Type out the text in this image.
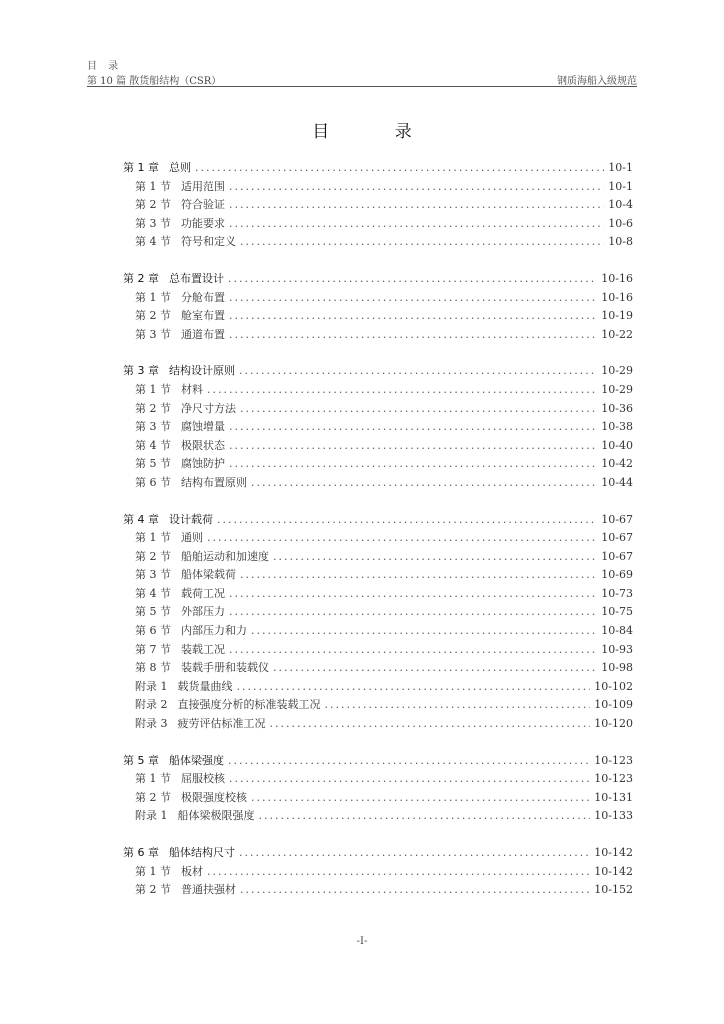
目 录
第 10 篇 散货船结构（CSR）	钢质海船入级规范
目 录
第 1 章 总则 .....	10-1
第 1 节 适用范围 .....	10-1
第 2 节 符合验证 .....	10-4
第 3 节 功能要求 .....	10-6
第 4 节 符号和定义 .....	10-8
第 2 章 总布置设计 .....	10-16
第 1 节 分舱布置 .....	10-16
第 2 节 舱室布置 .....	10-19
第 3 节 通道布置 .....	10-22
第 3 章 结构设计原则 .....	10-29
第 1 节 材料 .....	10-29
第 2 节 净尺寸方法 .....	10-36
第 3 节 腐蚀增量 .....	10-38
第 4 节 极限状态 .....	10-40
第 5 节 腐蚀防护 .....	10-42
第 6 节 结构布置原则 .....	10-44
第 4 章 设计载荷 .....	10-67
第 1 节 通则 .....	10-67
第 2 节 船舶运动和加速度 .....	10-67
第 3 节 船体梁载荷 .....	10-69
第 4 节 载荷工况 .....	10-73
第 5 节 外部压力 .....	10-75
第 6 节 内部压力和力 .....	10-84
第 7 节 装载工况 .....	10-93
第 8 节 装载手册和装载仪 .....	10-98
附录 1 载货量曲线 .....	10-102
附录 2 直接强度分析的标准装载工况 .....	10-109
附录 3 疲劳评估标准工况 .....	10-120
第 5 章 船体梁强度 .....	10-123
第 1 节 屈服校核 .....	10-123
第 2 节 极限强度校核 .....	10-131
附录 1 船体梁极限强度 .....	10-133
第 6 章 船体结构尺寸 .....	10-142
第 1 节 板材 .....	10-142
第 2 节 普通扶强材 .....	10-152
-I-
